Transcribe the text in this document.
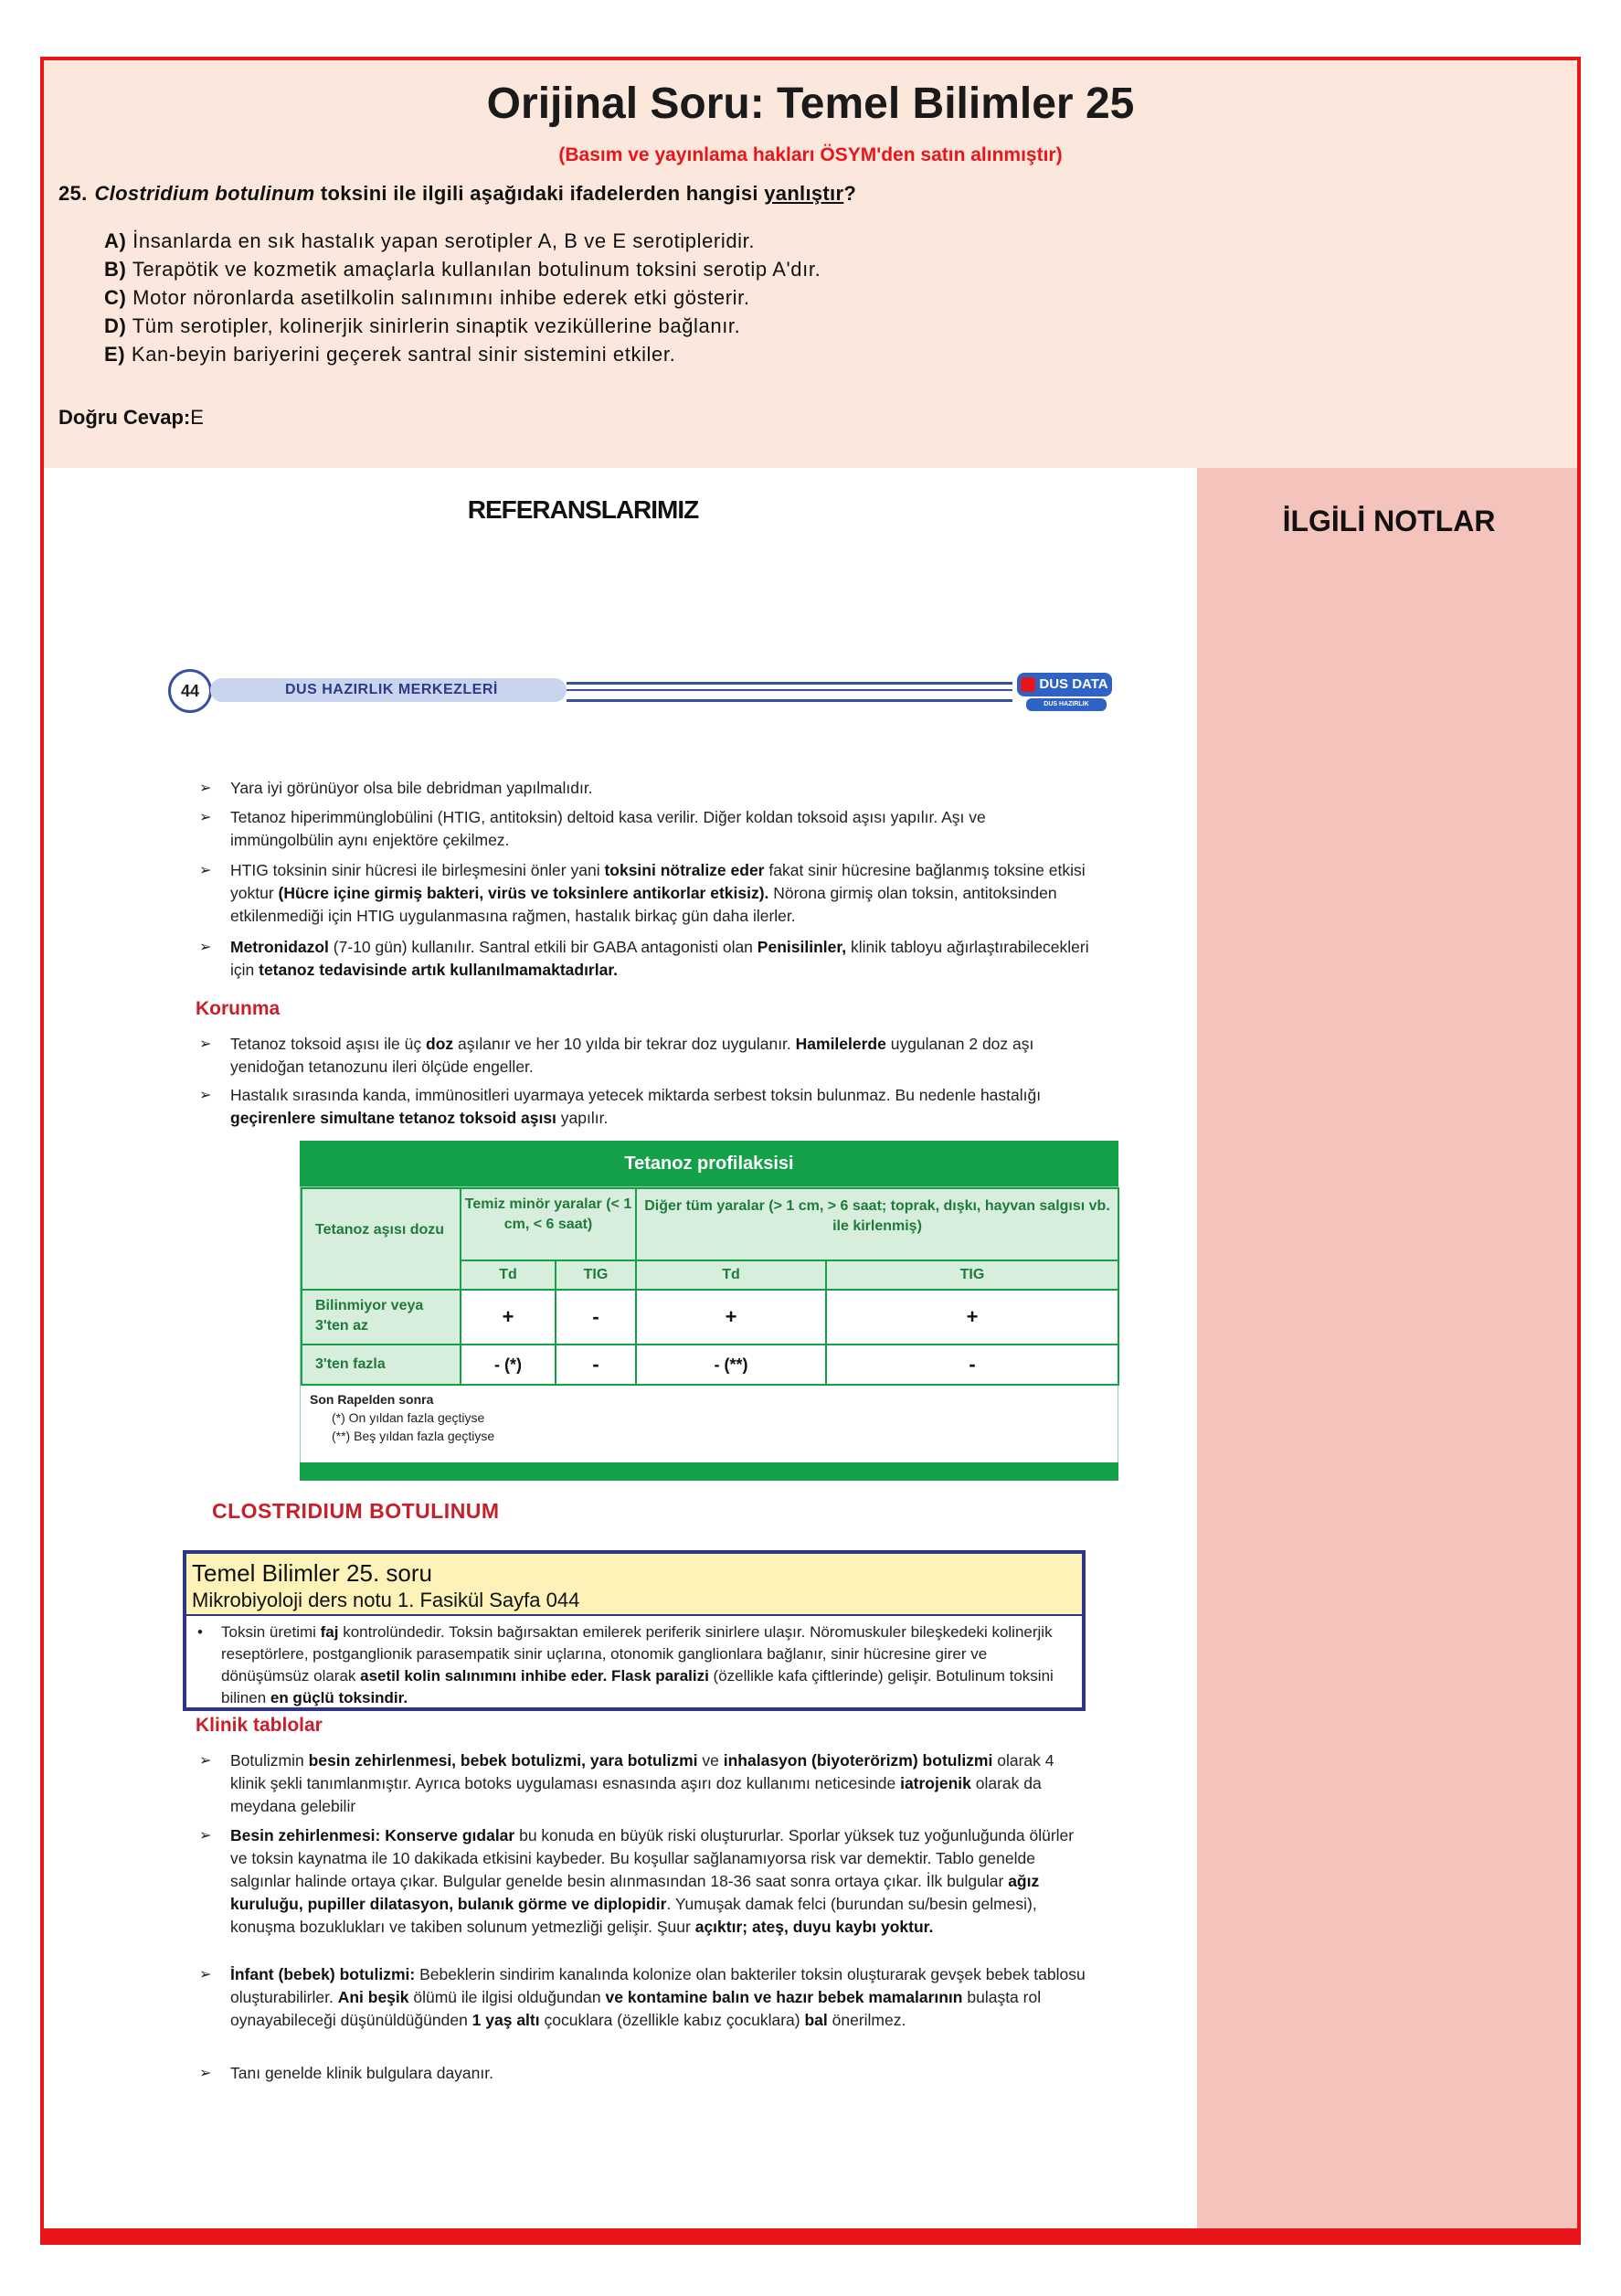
Orijinal Soru: Temel Bilimler 25
(Basım ve yayınlama hakları ÖSYM'den satın alınmıştır)
25. Clostridium botulinum toksini ile ilgili aşağıdaki ifadelerden hangisi yanlıştır?
A) İnsanlarda en sık hastalık yapan serotipler A, B ve E serotipleridir.
B) Terapötik ve kozmetik amaçlarla kullanılan botulinum toksini serotip A'dır.
C) Motor nöronlarda asetilkolin salınımını inhibe ederek etki gösterir.
D) Tüm serotipler, kolinerjik sinirlerin sinaptik veziküllerine bağlanır.
E) Kan-beyin bariyerini geçerek santral sinir sistemini etkiler.
Doğru Cevap:E
REFERANSLARIMIZ	İLGİLİ NOTLAR
44	DUS HAZIRLIK MERKEZLERİ	DUS DATA
DUS HAZIRLIK MERKEZLERİ
➢ Yara iyi görünüyor olsa bile debridman yapılmalıdır.
➢ Tetanoz hiperimmünglobülini (HTIG, antitoksin) deltoid kasa verilir. Diğer koldan toksoid aşısı yapılır. Aşı ve immüngolbülin aynı enjektöre çekilmez.
➢ HTIG toksinin sinir hücresi ile birleşmesini önler yani toksini nötralize eder fakat sinir hücresine bağlanmış toksine etkisi yoktur (Hücre içine girmiş bakteri, virüs ve toksinlere antikorlar etkisiz). Nörona girmiş olan toksin, antitoksinden etkilenmediği için HTIG uygulanmasına rağmen, hastalık birkaç gün daha ilerler.
➢ Metronidazol (7-10 gün) kullanılır. Santral etkili bir GABA antagonisti olan Penisilinler, klinik tabloyu ağırlaştırabilecekleri için tetanoz tedavisinde artık kullanılmamaktadırlar.
Korunma
➢ Tetanoz toksoid aşısı ile üç doz aşılanır ve her 10 yılda bir tekrar doz uygulanır. Hamilelerde uygulanan 2 doz aşı yenidoğan tetanozunu ileri ölçüde engeller.
➢ Hastalık sırasında kanda, immünositleri uyarmaya yetecek miktarda serbest toksin bulunmaz. Bu nedenle hastalığı geçirenlere simultane tetanoz toksoid aşısı yapılır.
Tetanoz profilaksisi
Tetanoz aşısı dozu
Temiz minör yaralar (< 1 cm, < 6 saat)
Diğer tüm yaralar (> 1 cm, > 6 saat; toprak, dışkı, hayvan salgısı vb. ile kirlenmiş)
Td	TIG	Td	TIG
Bilinmiyor veya 3'ten az	+	-	+	+
3'ten fazla	- (*)	-	- (**)	-
Son Rapelden sonra
(*) On yıldan fazla geçtiyse
(**) Beş yıldan fazla geçtiyse
CLOSTRIDIUM BOTULINUM
Temel Bilimler 25. soru
Mikrobiyoloji ders notu 1. Fasikül Sayfa 044
• Toksin üretimi faj kontrolündedir. Toksin bağırsaktan emilerek periferik sinirlere ulaşır. Nöromuskuler bileşkedeki kolinerjik reseptörlere, postganglionik parasempatik sinir uçlarına, otonomik ganglionlara bağlanır, sinir hücresine girer ve dönüşümsüz olarak asetil kolin salınımını inhibe eder. Flask paralizi (özellikle kafa çiftlerinde) gelişir. Botulinum toksini bilinen en güçlü toksindir.
Klinik tablolar
➢ Botulizmin besin zehirlenmesi, bebek botulizmi, yara botulizmi ve inhalasyon (biyoterörizm) botulizmi olarak 4 klinik şekli tanımlanmıştır. Ayrıca botoks uygulaması esnasında aşırı doz kullanımı neticesinde iatrojenik olarak da meydana gelebilir
➢ Besin zehirlenmesi: Konserve gıdalar bu konuda en büyük riski oluştururlar. Sporlar yüksek tuz yoğunluğunda ölürler ve toksin kaynatma ile 10 dakikada etkisini kaybeder. Bu koşullar sağlanamıyorsa risk var demektir. Tablo genelde salgınlar halinde ortaya çıkar. Bulgular genelde besin alınmasından 18-36 saat sonra ortaya çıkar. İlk bulgular ağız kuruluğu, pupiller dilatasyon, bulanık görme ve diplopidir. Yumuşak damak felci (burundan su/besin gelmesi), konuşma bozuklukları ve takiben solunum yetmezliği gelişir. Şuur açıktır; ateş, duyu kaybı yoktur.
➢ İnfant (bebek) botulizmi: Bebeklerin sindirim kanalında kolonize olan bakteriler toksin oluşturarak gevşek bebek tablosu oluşturabilirler. Ani beşik ölümü ile ilgisi olduğundan ve kontamine balın ve hazır bebek mamalarının bulaşta rol oynayabileceği düşünüldüğünden 1 yaş altı çocuklara (özellikle kabız çocuklara) bal önerilmez.
➢ Tanı genelde klinik bulgulara dayanır.
